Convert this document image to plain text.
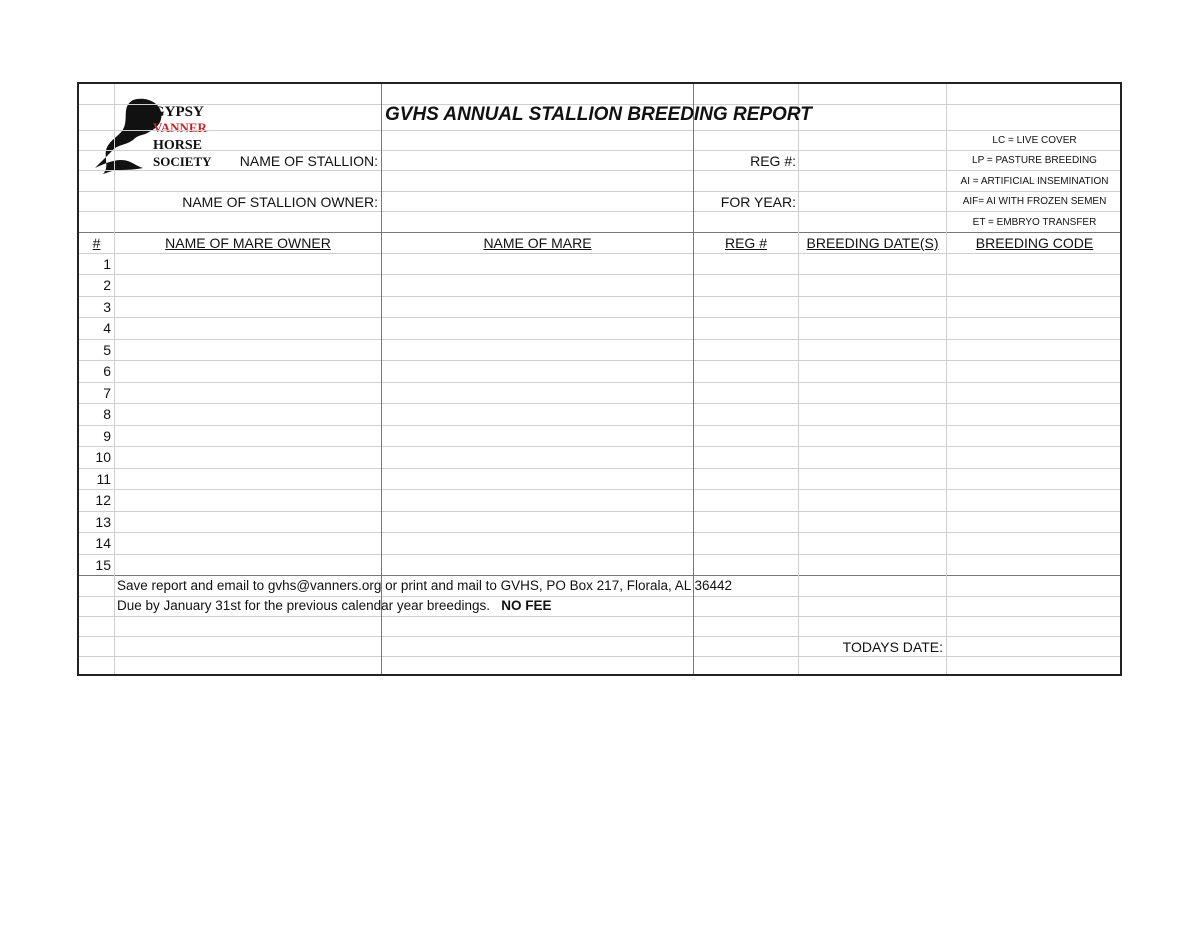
GYPSY
VANNER
HORSE
SOCIETY
GVHS ANNUAL STALLION BREEDING REPORT
NAME OF STALLION:	REG #:
NAME OF STALLION OWNER:	FOR YEAR:
LC = LIVE COVER
LP = PASTURE BREEDING
AI = ARTIFICIAL INSEMINATION
AIF= AI WITH FROZEN SEMEN
ET = EMBRYO TRANSFER
#	NAME OF MARE OWNER	NAME OF MARE	REG #	BREEDING DATE(S)	BREEDING CODE
1
2
3
4
5
6
7
8
9
10
11
12
13
14
15
Save report and email to gvhs@vanners.org or print and mail to GVHS, PO Box 217, Florala, AL 36442
Due by January 31st for the previous calendar year breedings. NO FEE
TODAYS DATE:
